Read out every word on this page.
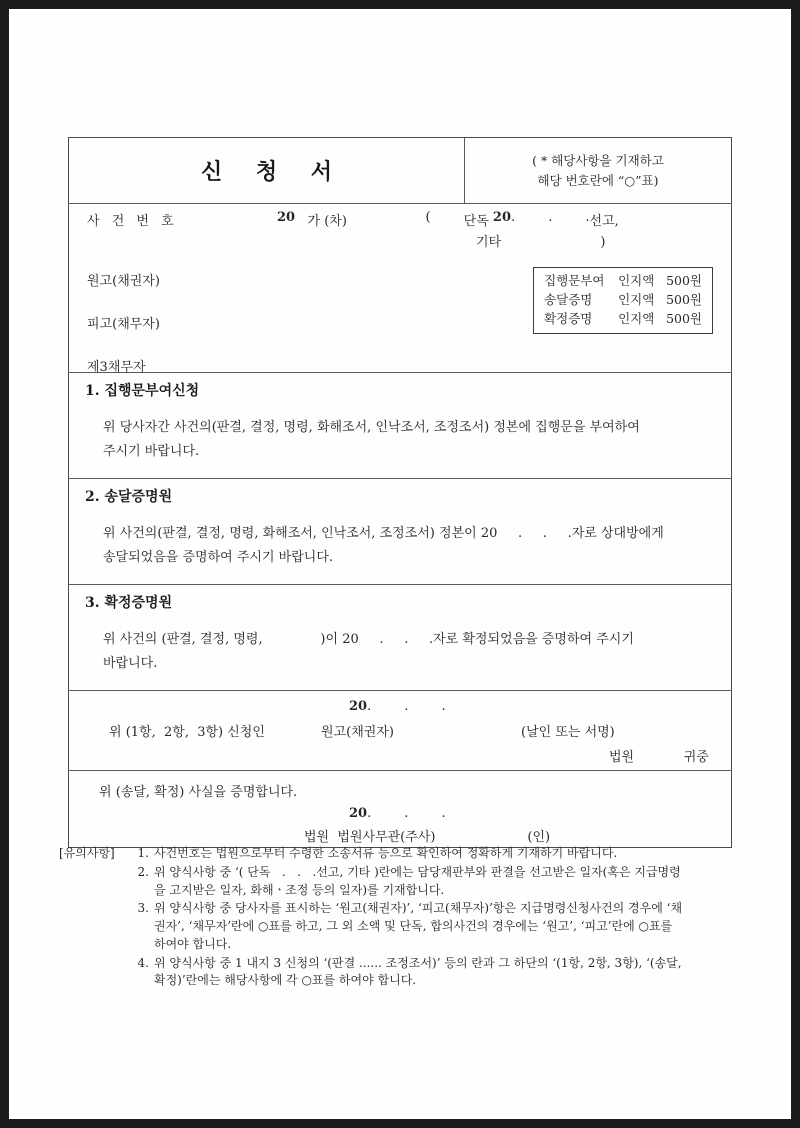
신 청 서	( * 해당사항을 기재하고
해당 번호란에 “○”표)
사 건 번 호	20
가 (차)	(
	단독
20 .        .        . 선고,
기타	)
원고(채권자)
피고(채무자)
제3채무자
집행문부여	인지액 500원
송달증명	인지액 500원
확정증명	인지액 500원
1. 집행문부여신청
위 당사자간 사건의(판결, 결정, 명령, 화해조서, 인낙조서, 조정조서) 정본에 집행문을 부여하여
주시기 바랍니다.
2. 송달증명원
위 사건의(판결, 결정, 명령, 화해조서, 인낙조서, 조정조서) 정본이 20     .     .     .자로 상대방에게
송달되었음을 증명하여 주시기 바랍니다.
3. 확정증명원
위 사건의 (판결, 결정, 명령,              )이 20     .     .     .자로 확정되었음을 증명하여 주시기
바랍니다.
20.        .        .
위 (1항,  2항,  3항) 신청인	원고(채권자)	(날인 또는 서명)
법원	귀중
위 (송달, 확정) 사실을 증명합니다.
20.        .        .
법원
법원사무관(주사)	(인)
[유의사항]	1. 사건번호는 법원으로부터 수령한 소송서류 등으로 확인하여 정확하게 기재하기 바랍니다.
2. 위 양식사항 중 ‘( 단독   .   .   .선고, 기타 )란에는 담당재판부와 판결을 선고받은 일자(혹은 지급명령
을 고지받은 일자, 화해ㆍ조정 등의 일자)를 기재합니다.
3. 위 양식사항 중 당사자를 표시하는 ‘원고(채권자)’, ‘피고(채무자)’항은 지급명령신청사건의 경우에 ‘채
권자’, ‘채무자’란에 ○표를 하고, 그 외 소액 및 단독, 합의사건의 경우에는 ‘원고’, ‘피고’란에 ○표를
하여야 합니다.
4. 위 양식사항 중 1 내지 3 신청의 ‘(판결 ...... 조정조서)’ 등의 란과 그 하단의 ‘(1항, 2항, 3항), ‘(송달,
확정)’란에는 해당사항에 각 ○표를 하여야 합니다.
